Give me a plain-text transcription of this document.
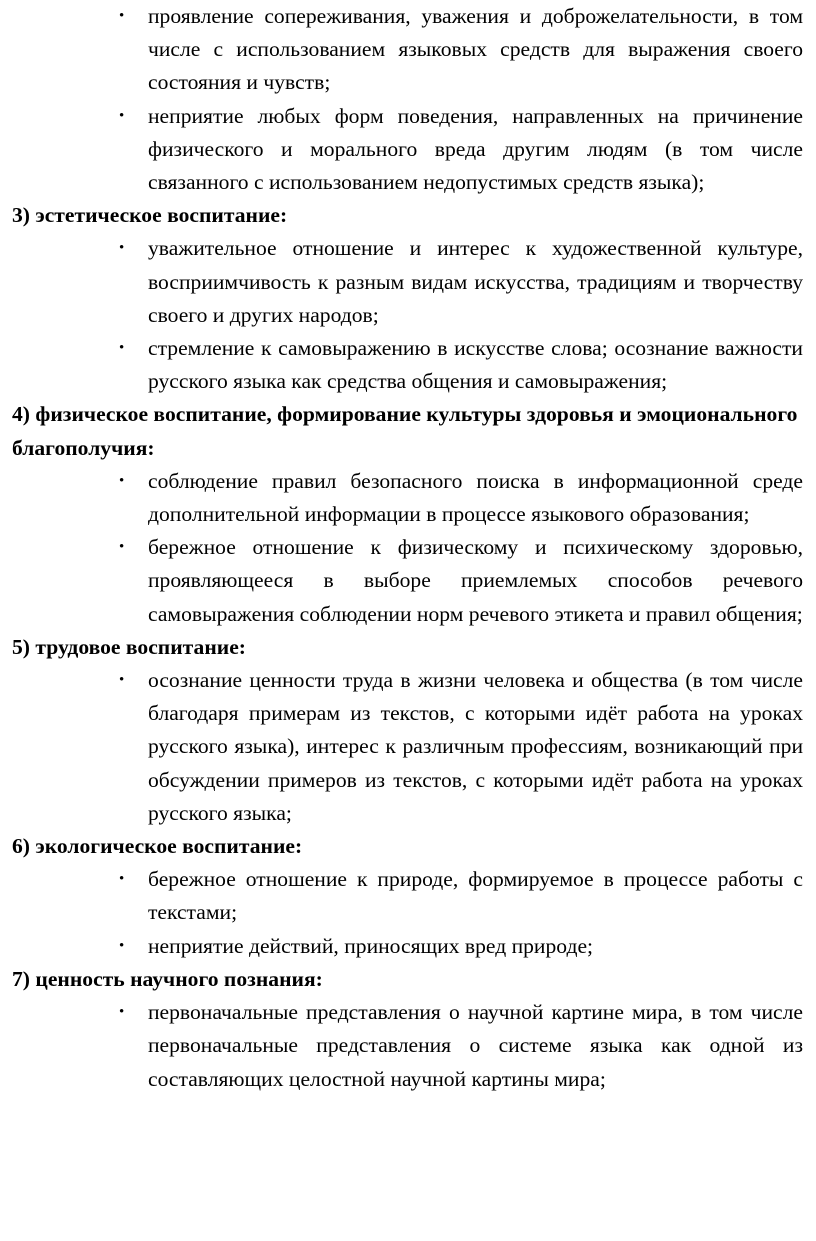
•	проявление сопереживания, уважения и доброжелательности, в том числе с использованием языковых средств для выражения своего состояния и чувств;
•	неприятие любых форм поведения, направленных на причинение физического и морального вреда другим людям (в том числе связанного с использованием недопустимых средств языка);
3) эстетическое воспитание:
•	уважительное отношение и интерес к художественной культуре, восприимчивость к разным видам искусства, традициям и творчеству своего и других народов;
•	стремление к самовыражению в искусстве слова; осознание важности русского языка как средства общения и самовыражения;
4) физическое воспитание, формирование культуры здоровья и эмоционального благополучия:
•	соблюдение правил безопасного поиска в информационной среде дополнительной информации в процессе языкового образования;
•	бережное отношение к физическому и психическому здоровью, проявляющееся в выборе приемлемых способов речевого самовыражения соблюдении норм речевого этикета и правил общения;
5) трудовое воспитание:
•	осознание ценности труда в жизни человека и общества (в том числе благодаря примерам из текстов, с которыми идёт работа на уроках русского языка), интерес к различным профессиям, возникающий при обсуждении примеров из текстов, с которыми идёт работа на уроках русского языка;
6) экологическое воспитание:
•	бережное отношение к природе, формируемое в процессе работы с текстами;
•	неприятие действий, приносящих вред природе;
7) ценность научного познания:
•	первоначальные представления о научной картине мира, в том числе первоначальные представления о системе языка как одной из составляющих целостной научной картины мира;
